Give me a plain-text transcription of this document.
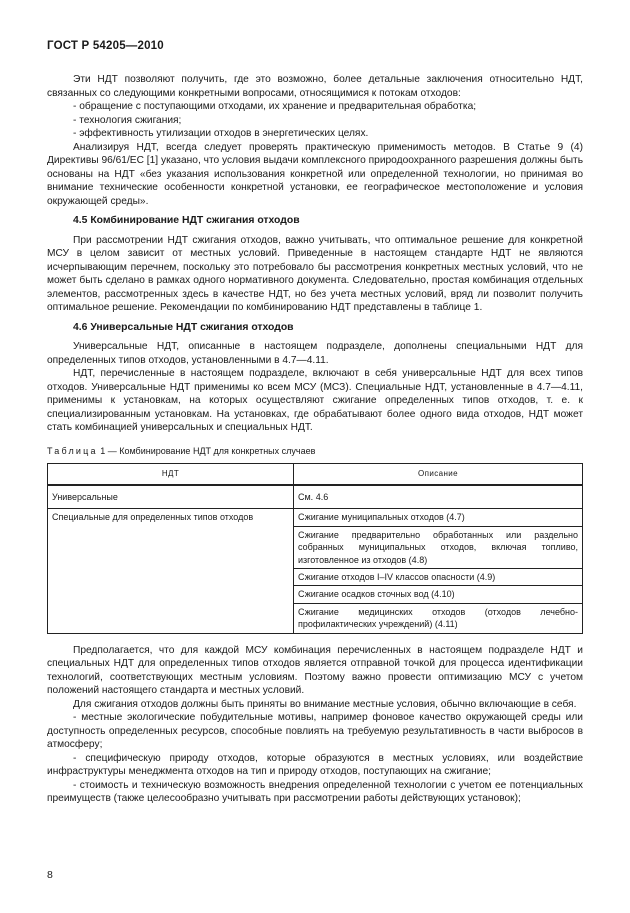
ГОСТ Р 54205—2010

Эти НДТ позволяют получить, где это возможно, более детальные заключения относительно НДТ, связанных со следующими конкретными вопросами, относящимися к потокам отходов:

- обращение с поступающими отходами, их хранение и предварительная обработка;

- технология сжигания;

- эффективность утилизации отходов в энергетических целях.

Анализируя НДТ, всегда следует проверять практическую применимость методов. В Статье 9 (4) Директивы 96/61/ЕС [1] указано, что условия выдачи комплексного природоохранного разрешения должны быть основаны на НДТ «без указания использования конкретной или определенной технологии, но принимая во внимание технические особенности конкретной установки, ее географическое местоположение и условия окружающей среды».

4.5 Комбинирование НДТ сжигания отходов

При рассмотрении НДТ сжигания отходов, важно учитывать, что оптимальное решение для конкретной МСУ в целом зависит от местных условий. Приведенные в настоящем стандарте НДТ не являются исчерпывающим перечнем, поскольку это потребовало бы рассмотрения конкретных местных условий, что не может быть сделано в рамках одного нормативного документа. Следовательно, простая комбинация отдельных элементов, рассмотренных здесь в качестве НДТ, но без учета местных условий, вряд ли позволит получить оптимальное решение. Рекомендации по комбинированию НДТ представлены в таблице 1.

4.6 Универсальные НДТ сжигания отходов

Универсальные НДТ, описанные в настоящем подразделе, дополнены специальными НДТ для определенных типов отходов, установленными в 4.7—4.11.

НДТ, перечисленные в настоящем подразделе, включают в себя универсальные НДТ для всех типов отходов. Универсальные НДТ применимы ко всем МСУ (МСЗ). Специальные НДТ, установленные в 4.7—4.11, применимы к установкам, на которых осуществляют сжигание определенных типов отходов, т. е. к специализированным установкам. На установках, где обрабатывают более одного вида отходов, НДТ может стать комбинацией универсальных и специальных НДТ.

Таблица 1 — Комбинирование НДТ для конкретных случаев
НДТ	Описание
Универсальные	См. 4.6
Специальные для определенных типов отходов	Сжигание муниципальных отходов (4.7)
	Сжигание предварительно обработанных или раздельно собранных муниципальных отходов, включая топливо, изготовленное из отходов (4.8)
	Сжигание отходов I–IV классов опасности (4.9)
	Сжигание осадков сточных вод (4.10)
	Сжигание медицинских отходов (отходов лечебно-профилактических учреждений) (4.11)

Предполагается, что для каждой МСУ комбинация перечисленных в настоящем подразделе НДТ и специальных НДТ для определенных типов отходов является отправной точкой для процесса идентификации технологий, соответствующих местным условиям. Поэтому важно провести оптимизацию МСУ с учетом положений настоящего стандарта и местных условий.

Для сжигания отходов должны быть приняты во внимание местные условия, обычно включающие в себя.

- местные экологические побудительные мотивы, например фоновое качество окружающей среды или доступность определенных ресурсов, способные повлиять на требуемую результативность в части выбросов в атмосферу;

- специфическую природу отходов, которые образуются в местных условиях, или воздействие инфраструктуры менеджмента отходов на тип и природу отходов, поступающих на сжигание;

- стоимость и техническую возможность внедрения определенной технологии с учетом ее потенциальных преимуществ (также целесообразно учитывать при рассмотрении работы действующих установок);

8
